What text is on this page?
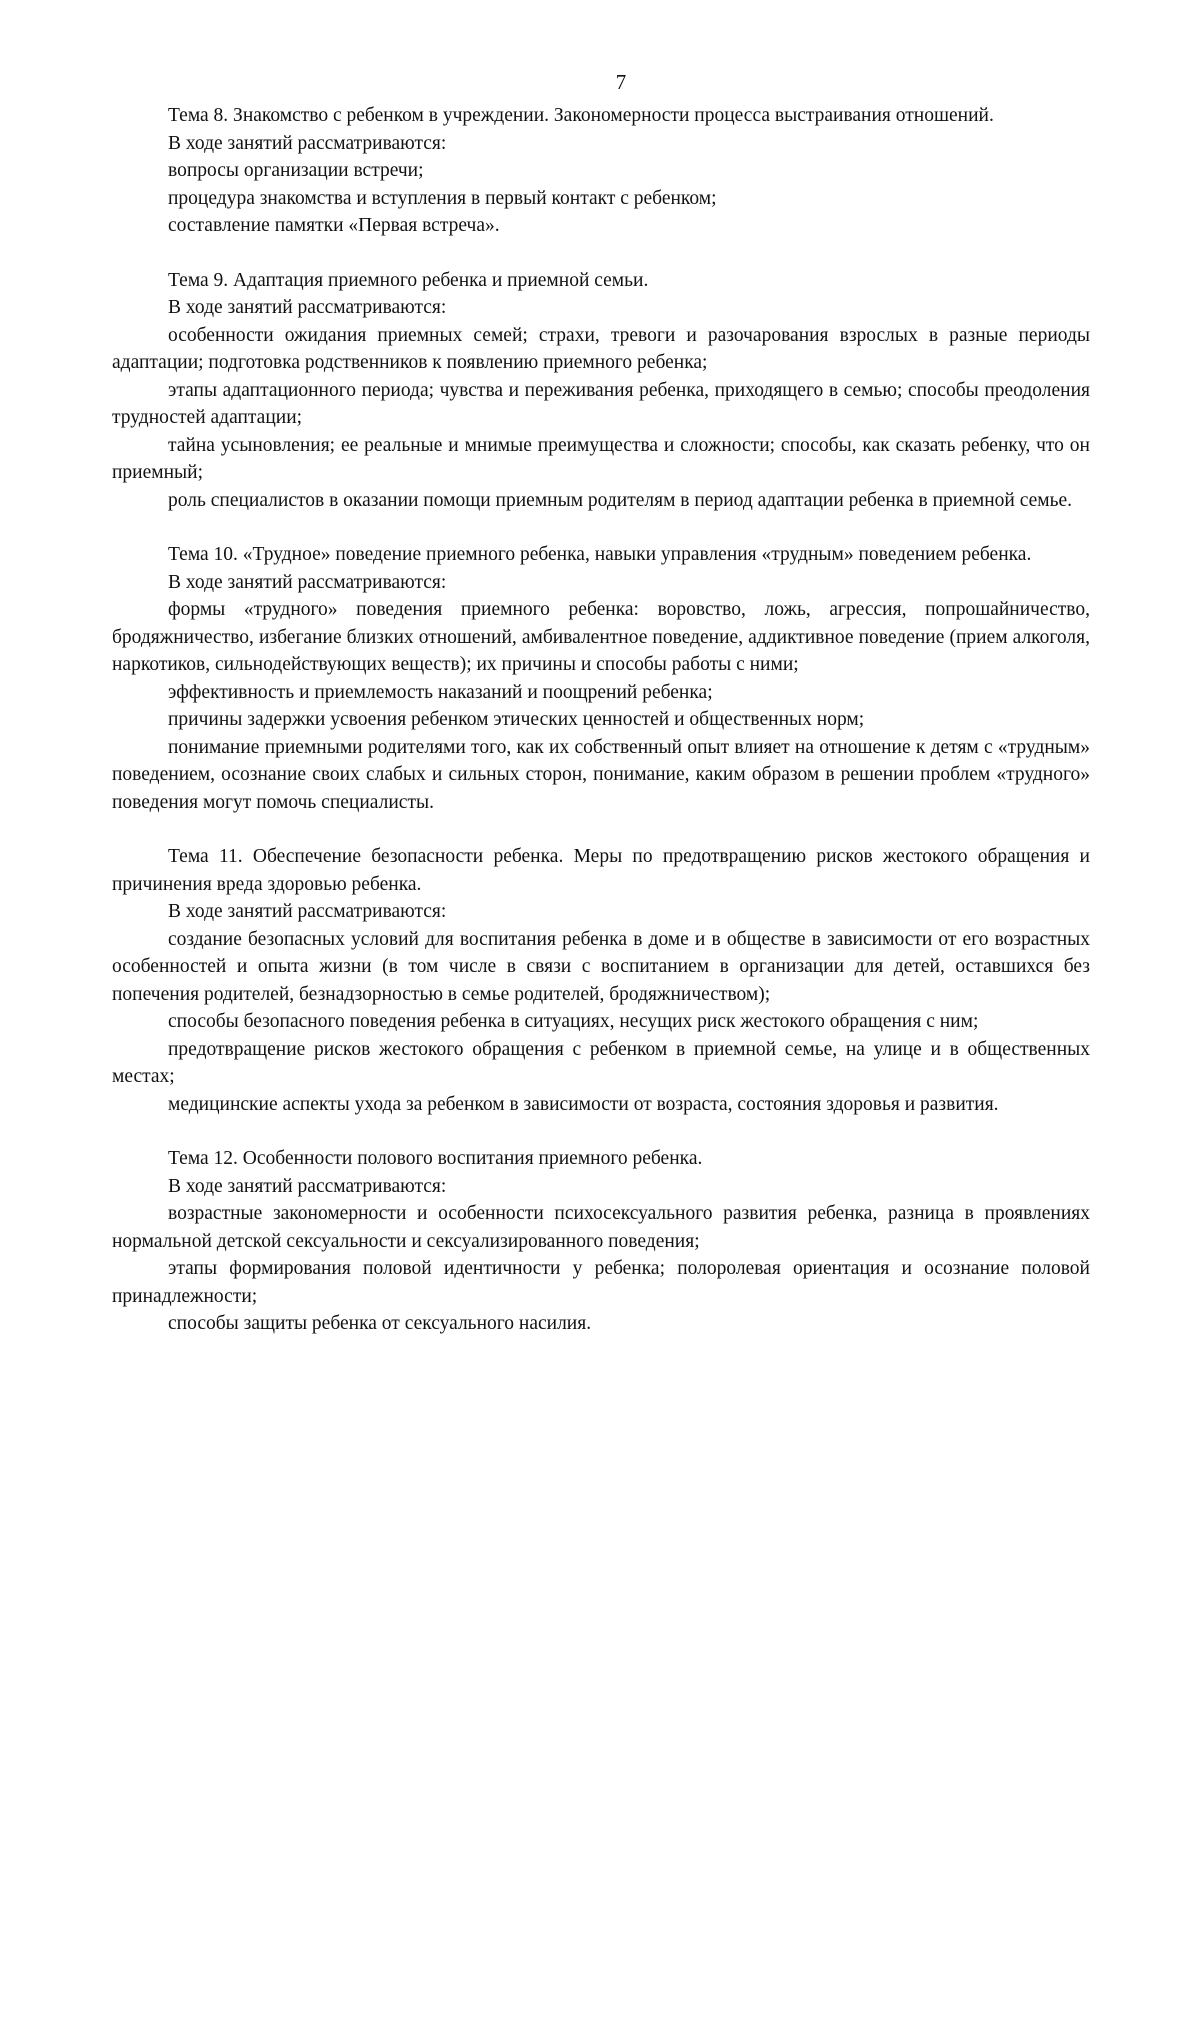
7

Тема 8. Знакомство с ребенком в учреждении. Закономерности процесса выстраивания отношений.

В ходе занятий рассматриваются:

вопросы организации встречи;

процедура знакомства и вступления в первый контакт с ребенком;

составление памятки «Первая встреча».

Тема 9. Адаптация приемного ребенка и приемной семьи.

В ходе занятий рассматриваются:

особенности ожидания приемных семей; страхи, тревоги и разочарования взрослых в разные периоды адаптации; подготовка родственников к появлению приемного ребенка;

этапы адаптационного периода; чувства и переживания ребенка, приходящего в семью; способы преодоления трудностей адаптации;

тайна усыновления; ее реальные и мнимые преимущества и сложности; способы, как сказать ребенку, что он приемный;

роль специалистов в оказании помощи приемным родителям в период адаптации ребенка в приемной семье.

Тема 10. «Трудное» поведение приемного ребенка, навыки управления «трудным» поведением ребенка.

В ходе занятий рассматриваются:

формы «трудного» поведения приемного ребенка: воровство, ложь, агрессия, попрошайничество, бродяжничество, избегание близких отношений, амбивалентное поведение, аддиктивное поведение (прием алкоголя, наркотиков, сильнодействующих веществ); их причины и способы работы с ними;

эффективность и приемлемость наказаний и поощрений ребенка;

причины задержки усвоения ребенком этических ценностей и общественных норм;

понимание приемными родителями того, как их собственный опыт влияет на отношение к детям с «трудным» поведением, осознание своих слабых и сильных сторон, понимание, каким образом в решении проблем «трудного» поведения могут помочь специалисты.

Тема 11. Обеспечение безопасности ребенка. Меры по предотвращению рисков жестокого обращения и причинения вреда здоровью ребенка.

В ходе занятий рассматриваются:

создание безопасных условий для воспитания ребенка в доме и в обществе в зависимости от его возрастных особенностей и опыта жизни (в том числе в связи с воспитанием в организации для детей, оставшихся без попечения родителей, безнадзорностью в семье родителей, бродяжничеством);

способы безопасного поведения ребенка в ситуациях, несущих риск жестокого обращения с ним;

предотвращение рисков жестокого обращения с ребенком в приемной семье, на улице и в общественных местах;

медицинские аспекты ухода за ребенком в зависимости от возраста, состояния здоровья и развития.

Тема 12. Особенности полового воспитания приемного ребенка.

В ходе занятий рассматриваются:

возрастные закономерности и особенности психосексуального развития ребенка, разница в проявлениях нормальной детской сексуальности и сексуализированного поведения;

этапы формирования половой идентичности у ребенка; полоролевая ориентация и осознание половой принадлежности;

способы защиты ребенка от сексуального насилия.
